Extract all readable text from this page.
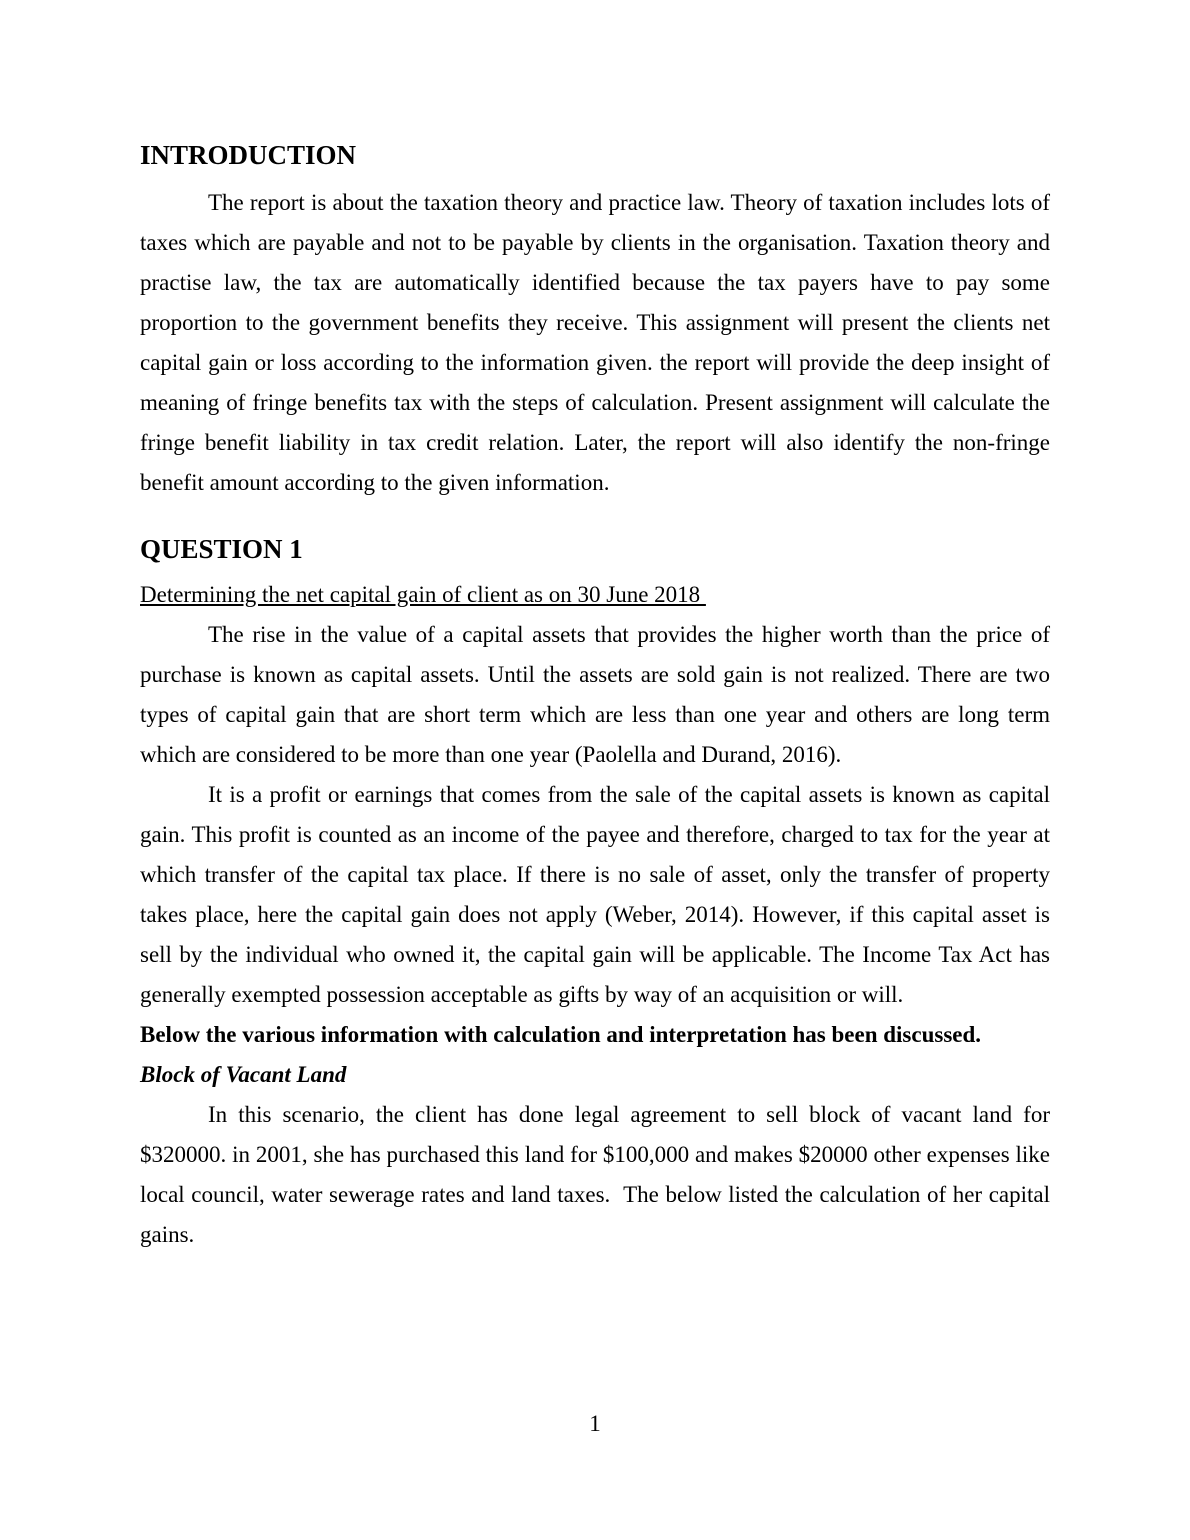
INTRODUCTION

The report is about the taxation theory and practice law. Theory of taxation includes lots of taxes which are payable and not to be payable by clients in the organisation. Taxation theory and practise law, the tax are automatically identified because the tax payers have to pay some proportion to the government benefits they receive. This assignment will present the clients net capital gain or loss according to the information given. the report will provide the deep insight of meaning of fringe benefits tax with the steps of calculation. Present assignment will calculate the fringe benefit liability in tax credit relation. Later, the report will also identify the non-fringe benefit amount according to the given information.

QUESTION 1

Determining the net capital gain of client as on 30 June 2018

The rise in the value of a capital assets that provides the higher worth than the price of purchase is known as capital assets. Until the assets are sold gain is not realized. There are two types of capital gain that are short term which are less than one year and others are long term which are considered to be more than one year (Paolella and Durand, 2016).

It is a profit or earnings that comes from the sale of the capital assets is known as capital gain. This profit is counted as an income of the payee and therefore, charged to tax for the year at which transfer of the capital tax place. If there is no sale of asset, only the transfer of property takes place, here the capital gain does not apply (Weber, 2014). However, if this capital asset is sell by the individual who owned it, the capital gain will be applicable. The Income Tax Act has generally exempted possession acceptable as gifts by way of an acquisition or will.

Below the various information with calculation and interpretation has been discussed.

Block of Vacant Land

In this scenario, the client has done legal agreement to sell block of vacant land for $320000. in 2001, she has purchased this land for $100,000 and makes $20000 other expenses like local council, water sewerage rates and land taxes.  The below listed the calculation of her capital gains.

1
